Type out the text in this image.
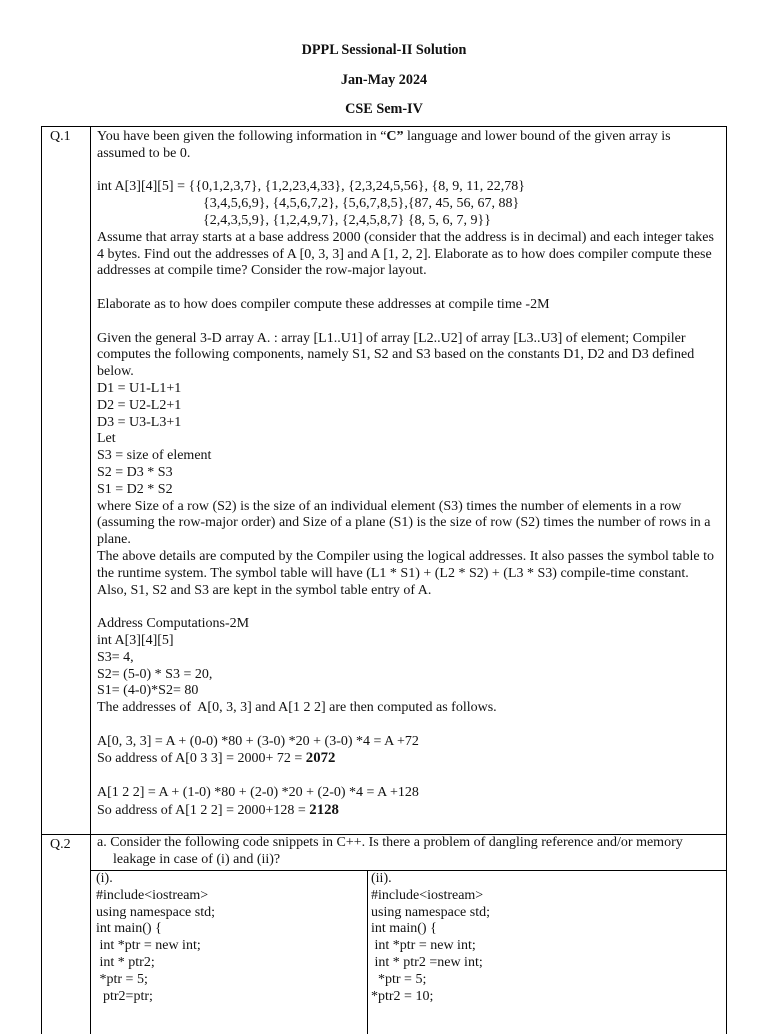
DPPL Sessional-II Solution
Jan-May 2024
CSE Sem-IV
Q.1	You have been given the following information in “C” language and lower bound of the given array is assumed to be 0.

int A[3][4][5] = {{0,1,2,3,7}, {1,2,23,4,33}, {2,3,24,5,56}, {8, 9, 11, 22,78}

{3,4,5,6,9}, {4,5,6,7,2}, {5,6,7,8,5},{87, 45, 56, 67, 88}

{2,4,3,5,9}, {1,2,4,9,7}, {2,4,5,8,7} {8, 5, 6, 7, 9}}

Assume that array starts at a base address 2000 (consider that the address is in decimal) and each integer takes 4 bytes. Find out the addresses of A [0, 3, 3] and A [1, 2, 2]. Elaborate as to how does compiler compute these addresses at compile time? Consider the row-major layout.

Elaborate as to how does compiler compute these addresses at compile time -2M

Given the general 3-D array A. : array [L1..U1] of array [L2..U2] of array [L3..U3] of element; Compiler computes the following components, namely S1, S2 and S3 based on the constants D1, D2 and D3 defined below.

D1 = U1-L1+1

D2 = U2-L2+1

D3 = U3-L3+1

Let

S3 = size of element

S2 = D3 * S3

S1 = D2 * S2

where Size of a row (S2) is the size of an individual element (S3) times the number of elements in a row (assuming the row-major order) and Size of a plane (S1) is the size of row (S2) times the number of rows in a plane.

The above details are computed by the Compiler using the logical addresses. It also passes the symbol table to the runtime system. The symbol table will have (L1 * S1) + (L2 * S2) + (L3 * S3) compile-time constant. Also, S1, S2 and S3 are kept in the symbol table entry of A.

Address Computations-2M

int A[3][4][5]

S3= 4,

S2= (5-0) * S3 = 20,

S1= (4-0)*S2= 80

The addresses of  A[0, 3, 3] and A[1 2 2] are then computed as follows.

A[0, 3, 3] = A + (0-0) *80 + (3-0) *20 + (3-0) *4 = A +72

So address of A[0 3 3] = 2000+ 72 = 2072

A[1 2 2] = A + (1-0) *80 + (2-0) *20 + (2-0) *4 = A +128

So address of A[1 2 2] = 2000+128 = 2128

Q.2	a. Consider the following code snippets in C++. Is there a problem of dangling reference and/or memory leakage in case of (i) and (ii)?

(i).
#include<iostream>
using namespace std;
int main() {
int *ptr = new int;
int * ptr2;
*ptr = 5;
ptr2=ptr;
(ii).
#include<iostream>
using namespace std;
int main() {
int *ptr = new int;
int * ptr2 =new int;
*ptr = 5;
*ptr2 = 10;
